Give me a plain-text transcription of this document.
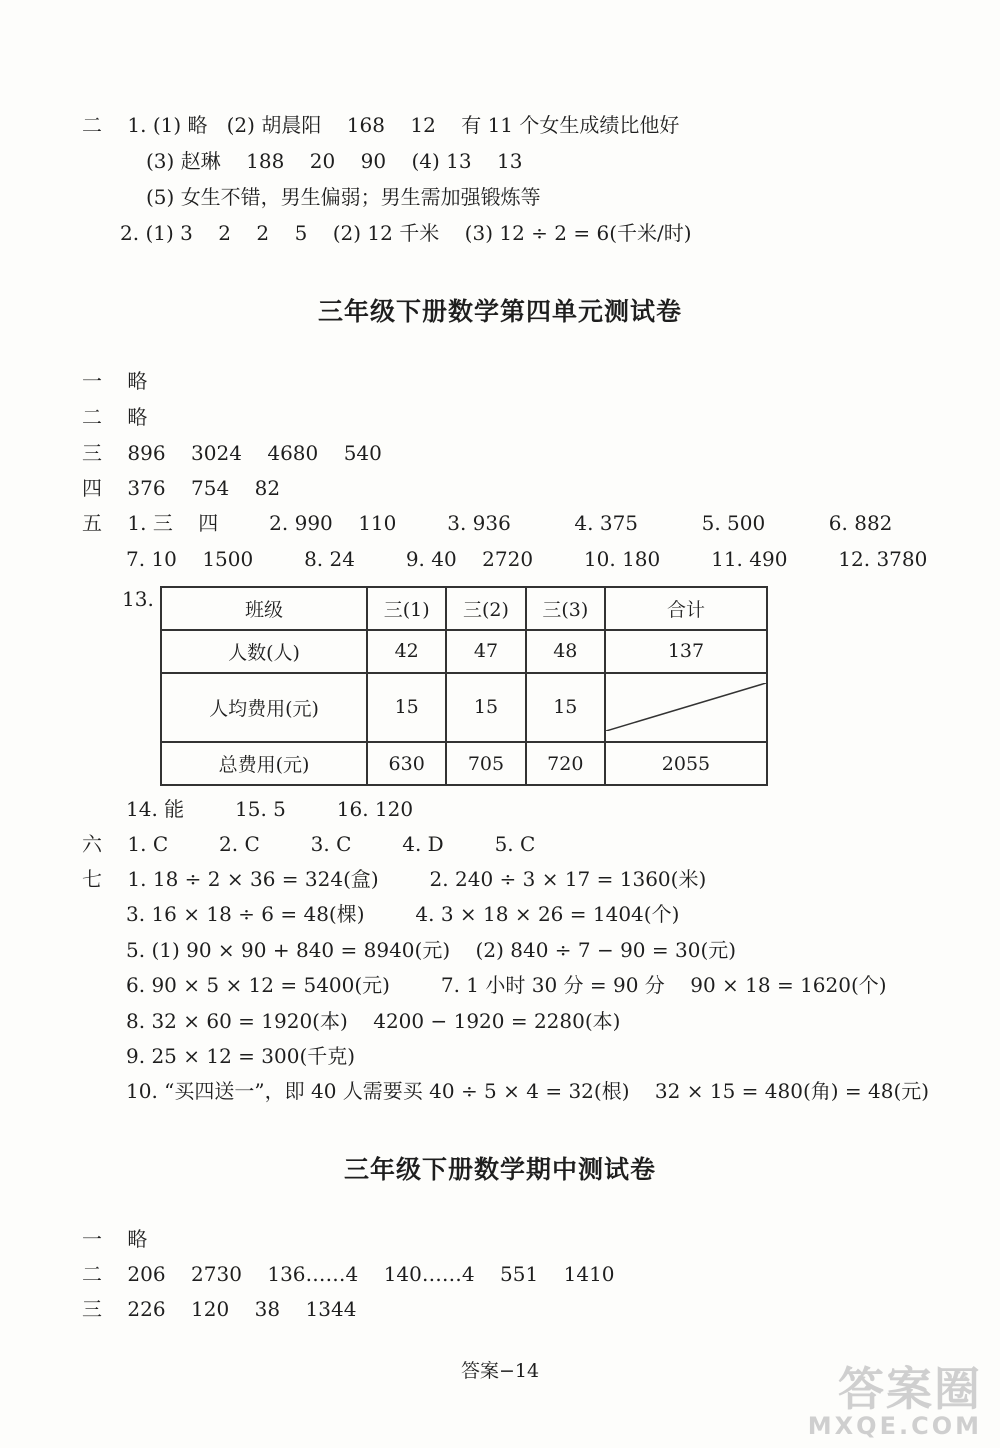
二    1. (1) 略   (2) 胡晨阳    168    12    有 11 个女生成绩比他好
(3) 赵琳    188    20    90    (4) 13    13
(5) 女生不错，男生偏弱；男生需加强锻炼等
2. (1) 3    2    2    5    (2) 12 千米    (3) 12 ÷ 2 = 6(千米/时)
三年级下册数学第四单元测试卷
一    略
二    略
三    896    3024    4680    540
四    376    754    82
五    1. 三    四        2. 990    110        3. 936          4. 375          5. 500          6. 882
7. 10    1500        8. 24        9. 40    2720        10. 180        11. 490        12. 3780
13.	班级	三(1)	三(2)	三(3)	合计
人数(人)	42	47	48	137
人均费用(元)	15	15	15	

总费用(元)	630	705	720	2055
14. 能        15. 5        16. 120
六    1. C        2. C        3. C        4. D        5. C
七    1. 18 ÷ 2 × 36 = 324(盒)        2. 240 ÷ 3 × 17 = 1360(米)
3. 16 × 18 ÷ 6 = 48(棵)        4. 3 × 18 × 26 = 1404(个)
5. (1) 90 × 90 + 840 = 8940(元)    (2) 840 ÷ 7 − 90 = 30(元)
6. 90 × 5 × 12 = 5400(元)        7. 1 小时 30 分 = 90 分    90 × 18 = 1620(个)
8. 32 × 60 = 1920(本)    4200 − 1920 = 2280(本)
9. 25 × 12 = 300(千克)
10. “买四送一”，即 40 人需要买 40 ÷ 5 × 4 = 32(根)    32 × 15 = 480(角) = 48(元)
三年级下册数学期中测试卷
一    略
二    206    2730    136……4    140……4    551    1410
三    226    120    38    1344
答案−14	答案圈
MXQE.COM
